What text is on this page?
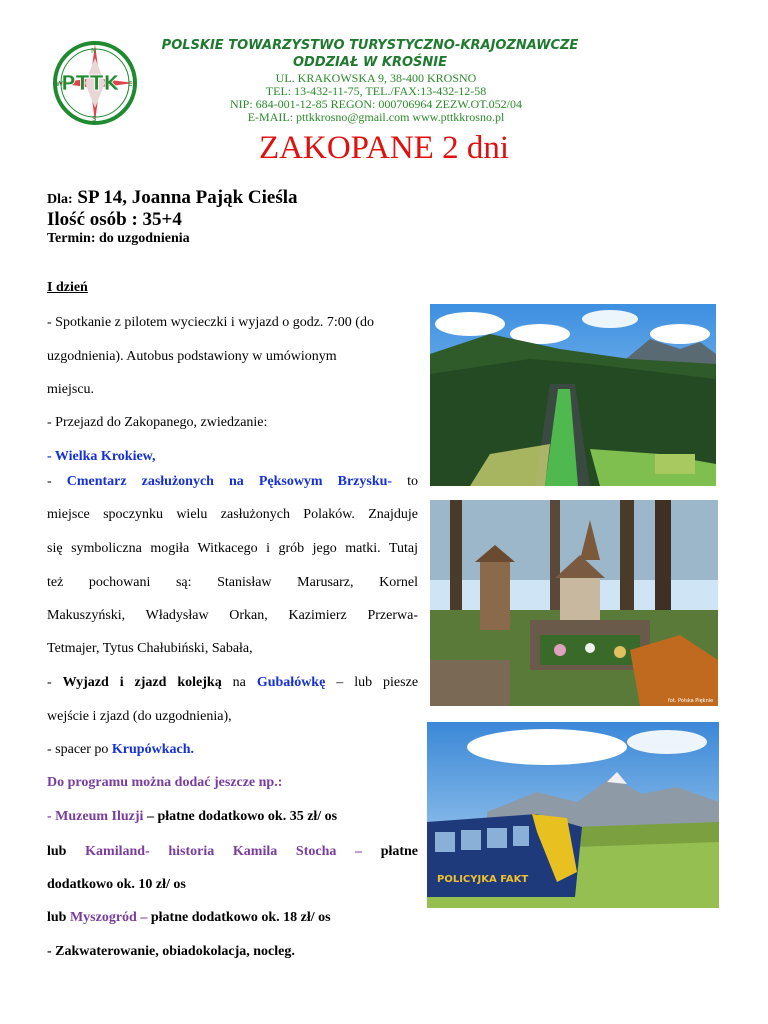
PTTK
N
E
S
W
POLSKIE TOWARZYSTWO TURYSTYCZNO-KRAJOZNAWCZE
ODDZIAŁ W KROŚNIE
UL. KRAKOWSKA 9, 38-400 KROSNO
TEL: 13-432-11-75, TEL./FAX:13-432-12-58
NIP: 684-001-12-85 REGON: 000706964 ZEZW.OT.052/04
E-MAIL: pttkkrosno@gmail.com www.pttkkrosno.pl
ZAKOPANE 2 dni
Dla: SP 14, Joanna Pająk Cieśla
Ilość osób : 35+4
Termin: do uzgodnienia
I dzień
- Spotkanie z pilotem wycieczki i wyjazd o godz. 7:00 (do
uzgodnienia). Autobus podstawiony w umówionym
miejscu.
- Przejazd do Zakopanego, zwiedzanie:
- Wielka Krokiew,
- Cmentarz zasłużonych na Pęksowym Brzysku- to
miejsce spoczynku wielu zasłużonych Polaków. Znajduje
się symboliczna mogiła Witkacego i grób jego matki. Tutaj
też pochowani są: Stanisław Marusarz, Kornel
Makuszyński, Władysław Orkan, Kazimierz Przerwa-
Tetmajer, Tytus Chałubiński, Sabała,
- Wyjazd i zjazd kolejką na Gubałówkę – lub piesze
wejście i zjazd (do uzgodnienia),
- spacer po Krupówkach.
Do programu można dodać jeszcze np.:
- Muzeum Iluzji – płatne dodatkowo ok. 35 zł/ os
lub Kamiland- historia Kamila Stocha – płatne
dodatkowo ok. 10 zł/ os
lub Myszogród – płatne dodatkowo ok. 18 zł/ os
- Zakwaterowanie, obiadokolacja, nocleg.
fot. Polska Pięknie
POLICYJKA FAKT
